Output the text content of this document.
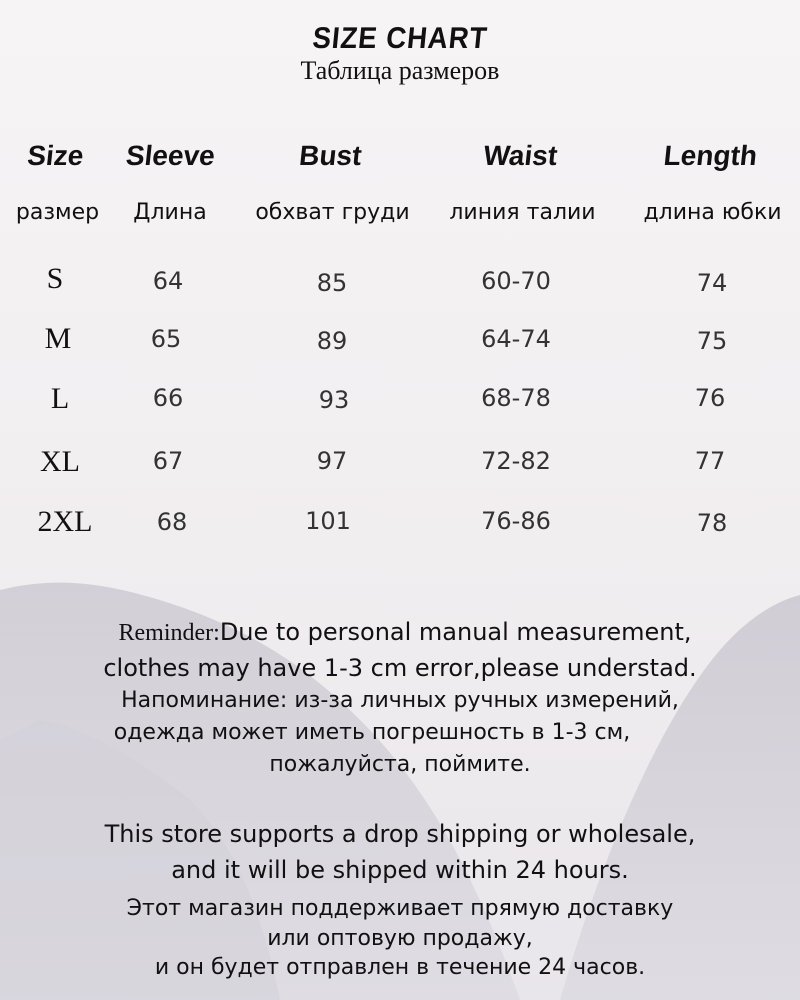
SIZE CHART
Таблица размеров
Size	Sleeve	Bust	Waist	Length
размер	Длина	обхват груди	линия талии	длина юбки
S	64	85	60-70	74
M	65	89	64-74	75
L	66	93	68-78	76
XL	67	97	72-82	77
2XL	68	101	76-86	78
Reminder:Due to personal manual measurement,
clothes may have 1-3 cm error,please understad.
Напоминание: из-за личных ручных измерений,
одежда может иметь погрешность в 1-3 см,
пожалуйста, поймите.
This store supports a drop shipping or wholesale,
and it will be shipped within 24 hours.
Этот магазин поддерживает прямую доставку
или оптовую продажу,
и он будет отправлен в течение 24 часов.
